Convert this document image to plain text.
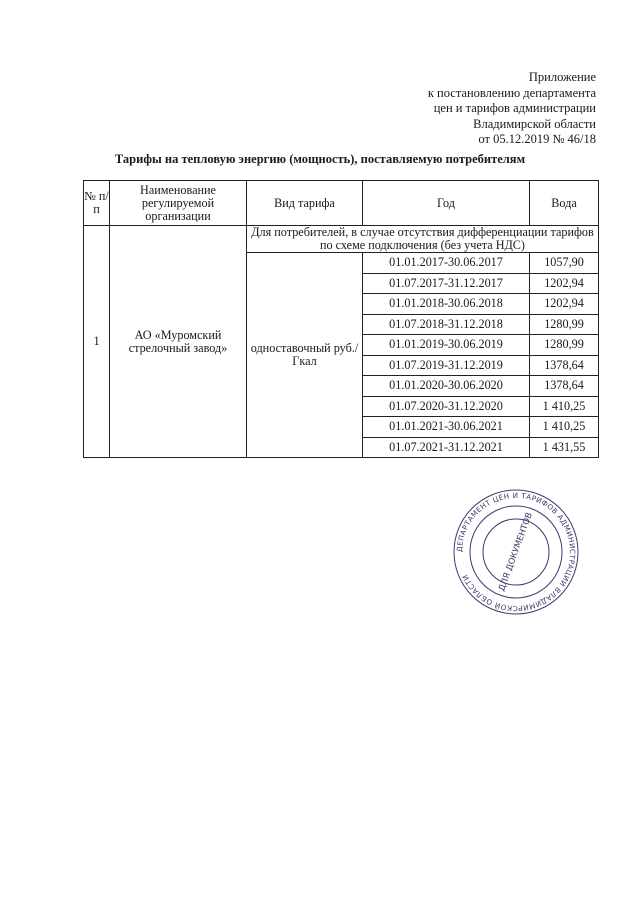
Приложение
к постановлению департамента
цен и тарифов администрации
Владимирской области
от 05.12.2019 № 46/18
Тарифы на тепловую энергию (мощность), поставляемую потребителям
№ п/п	Наименование регулируемой организации	Вид тарифа	Год	Вода
1	АО «Муромский стрелочный завод»	Для потребителей, в случае отсутствия дифференциации тарифов по схеме подключения (без учета НДС)		
		одноставочный руб./Гкал	01.01.2017-30.06.2017	1057,90
			01.07.2017-31.12.2017	1202,94
			01.01.2018-30.06.2018	1202,94
			01.07.2018-31.12.2018	1280,99
			01.01.2019-30.06.2019	1280,99
			01.07.2019-31.12.2019	1378,64
			01.01.2020-30.06.2020	1378,64
			01.07.2020-31.12.2020	1 410,25
			01.01.2021-30.06.2021	1 410,25
			01.07.2021-31.12.2021	1 431,55
ДЕПАРТАМЕНТ ЦЕН И ТАРИФОВ АДМИНИСТРАЦИИ ВЛАДИМИРСКОЙ ОБЛАСТИ	ДЛЯ ДОКУМЕНТОВ
